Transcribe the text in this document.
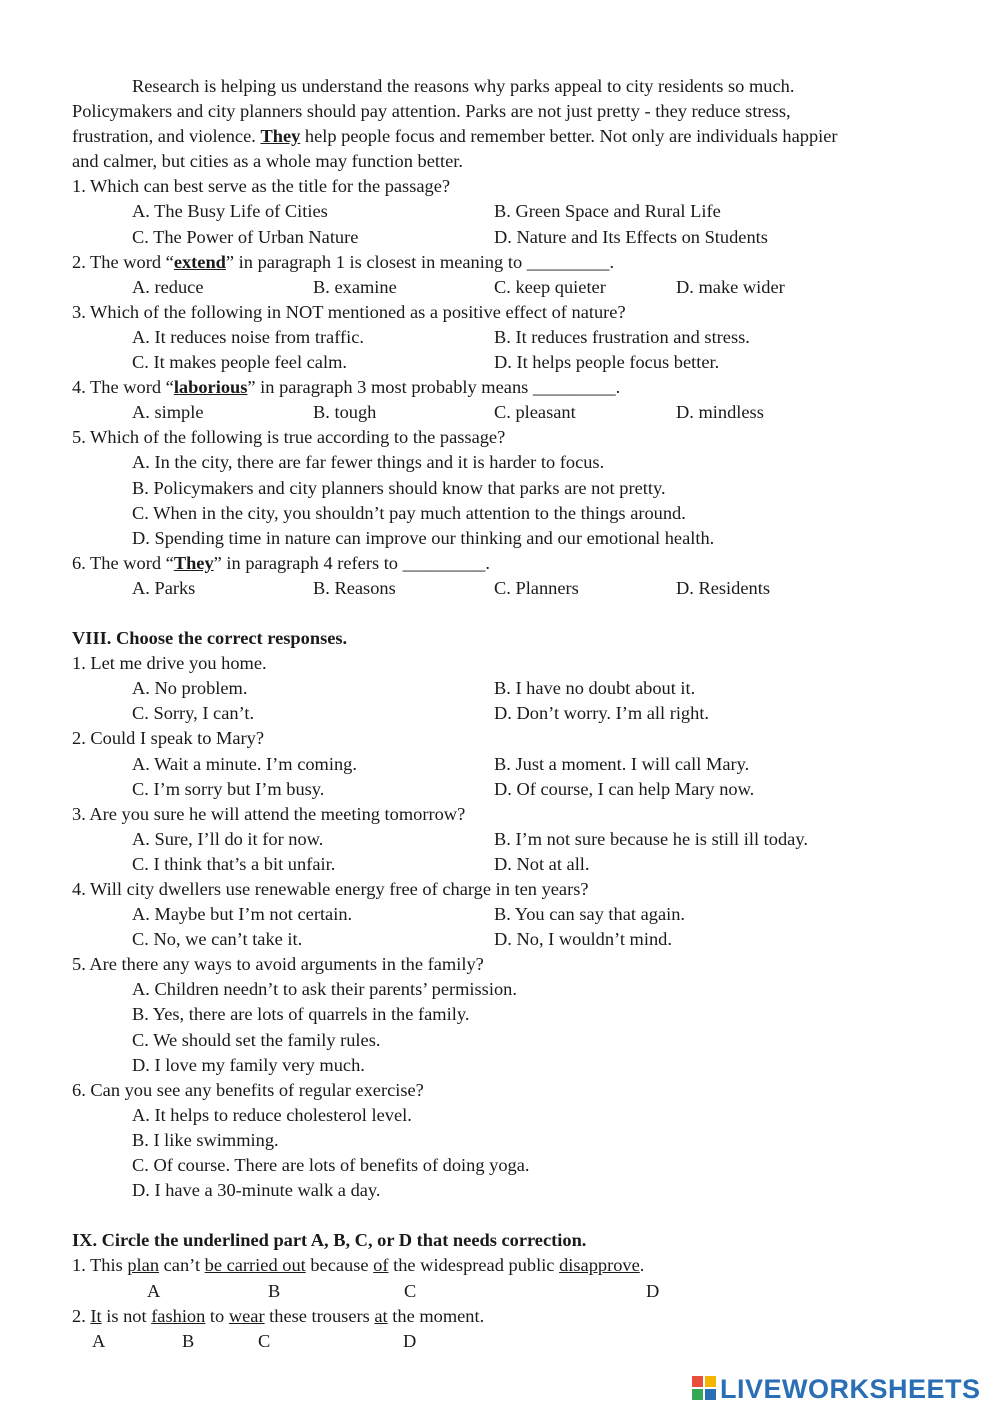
Research is helping us understand the reasons why parks appeal to city residents so much.
Policymakers and city planners should pay attention. Parks are not just pretty - they reduce stress,
frustration, and violence. They help people focus and remember better. Not only are individuals happier
and calmer, but cities as a whole may function better.
1. Which can best serve as the title for the passage?
A. The Busy Life of Cities	B. Green Space and Rural Life
C. The Power of Urban Nature	D. Nature and Its Effects on Students
2. The word “extend” in paragraph 1 is closest in meaning to _________.
A. reduce	B. examine	C. keep quieter	D. make wider
3. Which of the following in NOT mentioned as a positive effect of nature?
A. It reduces noise from traffic.	B. It reduces frustration and stress.
C. It makes people feel calm.	D. It helps people focus better.
4. The word “laborious” in paragraph 3 most probably means _________.
A. simple	B. tough	C. pleasant	D. mindless
5. Which of the following is true according to the passage?
A. In the city, there are far fewer things and it is harder to focus.
B. Policymakers and city planners should know that parks are not pretty.
C. When in the city, you shouldn’t pay much attention to the things around.
D. Spending time in nature can improve our thinking and our emotional health.
6. The word “They” in paragraph 4 refers to _________.
A. Parks	B. Reasons	C. Planners	D. Residents
VIII. Choose the correct responses.
1. Let me drive you home.
A. No problem.	B. I have no doubt about it.
C. Sorry, I can’t.	D. Don’t worry. I’m all right.
2. Could I speak to Mary?
A. Wait a minute. I’m coming.	B. Just a moment. I will call Mary.
C. I’m sorry but I’m busy.	D. Of course, I can help Mary now.
3. Are you sure he will attend the meeting tomorrow?
A. Sure, I’ll do it for now.	B. I’m not sure because he is still ill today.
C. I think that’s a bit unfair.	D. Not at all.
4. Will city dwellers use renewable energy free of charge in ten years?
A. Maybe but I’m not certain.	B. You can say that again.
C. No, we can’t take it.	D. No, I wouldn’t mind.
5. Are there any ways to avoid arguments in the family?
A. Children needn’t to ask their parents’ permission.
B. Yes, there are lots of quarrels in the family.
C. We should set the family rules.
D. I love my family very much.
6. Can you see any benefits of regular exercise?
A. It helps to reduce cholesterol level.
B. I like swimming.
C. Of course. There are lots of benefits of doing yoga.
D. I have a 30-minute walk a day.
IX. Circle the underlined part A, B, C, or D that needs correction.
1. This plan can’t be carried out because of the widespread public disapprove.
A	B	C	D
2. It is not fashion to wear these trousers at the moment.
A	B	C	D
LIVEWORKSHEETS
